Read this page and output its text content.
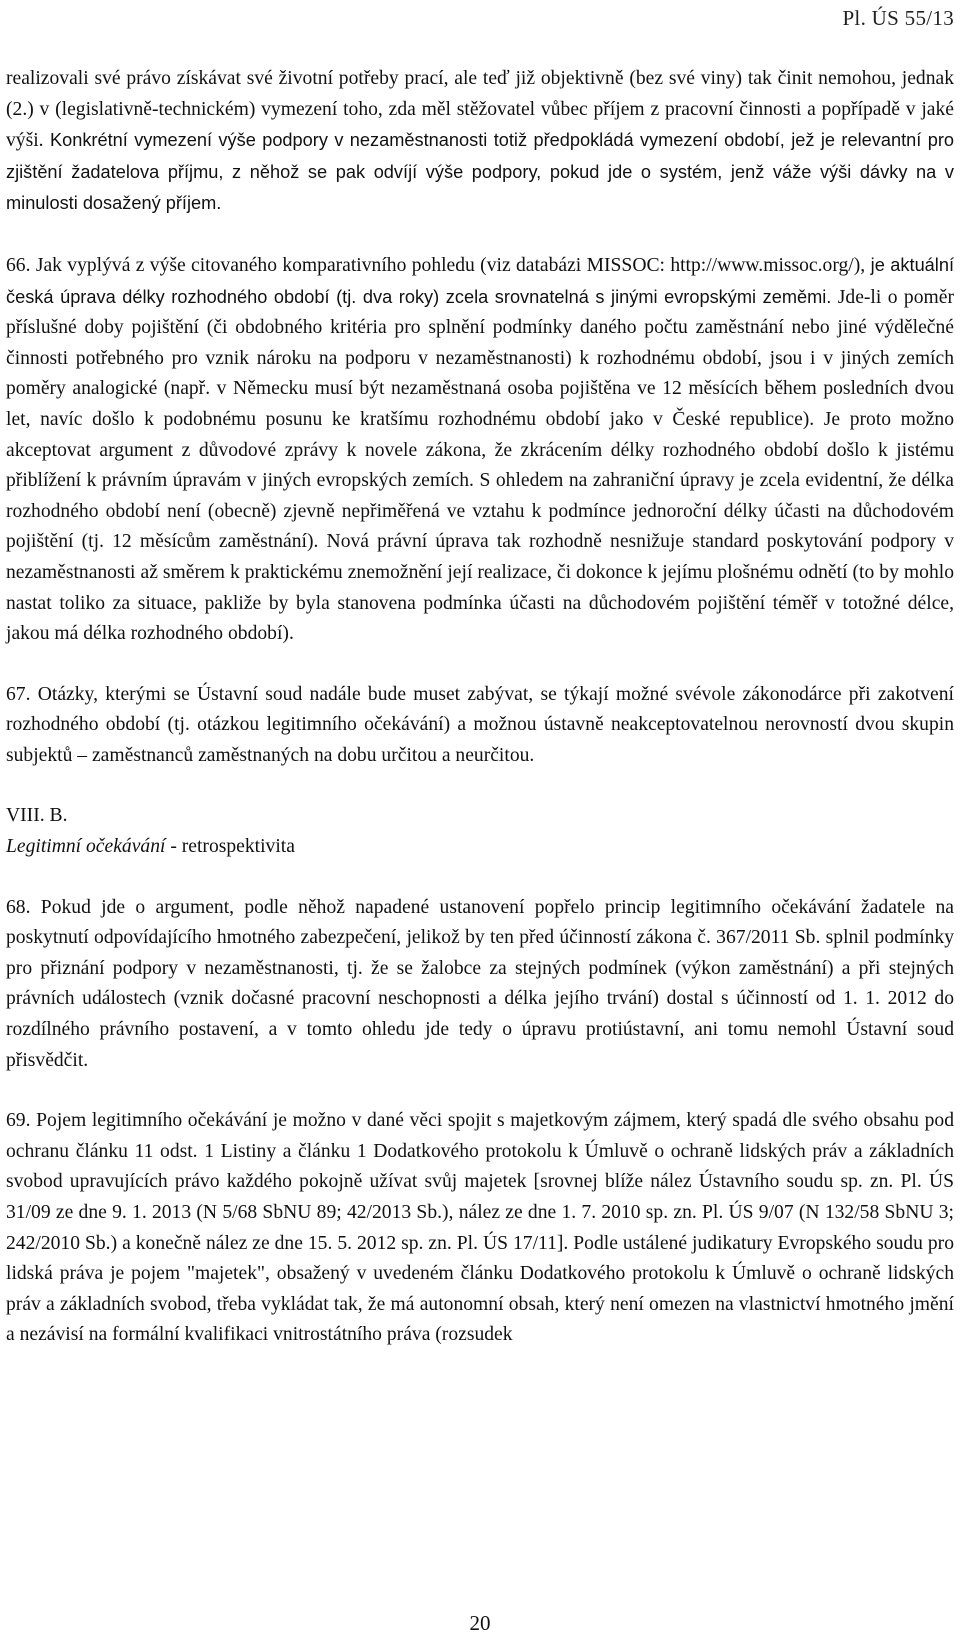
Pl. ÚS 55/13

realizovali své právo získávat své životní potřeby prací, ale teď již objektivně (bez své viny) tak činit nemohou, jednak (2.) v (legislativně-technickém) vymezení toho, zda měl stěžovatel vůbec příjem z pracovní činnosti a popřípadě v jaké výši. Konkrétní vymezení výše podpory v nezaměstnanosti totiž předpokládá vymezení období, jež je relevantní pro zjištění žadatelova příjmu, z něhož se pak odvíjí výše podpory, pokud jde o systém, jenž váže výši dávky na v minulosti dosažený příjem.

66. Jak vyplývá z výše citovaného komparativního pohledu (viz databázi MISSOC: http://www.missoc.org/), je aktuální česká úprava délky rozhodného období (tj. dva roky) zcela srovnatelná s jinými evropskými zeměmi. Jde-li o poměr příslušné doby pojištění (či obdobného kritéria pro splnění podmínky daného počtu zaměstnání nebo jiné výdělečné činnosti potřebného pro vznik nároku na podporu v nezaměstnanosti) k rozhodnému období, jsou i v jiných zemích poměry analogické (např. v Německu musí být nezaměstnaná osoba pojištěna ve 12 měsících během posledních dvou let, navíc došlo k podobnému posunu ke kratšímu rozhodnému období jako v České republice). Je proto možno akceptovat argument z důvodové zprávy k novele zákona, že zkrácením délky rozhodného období došlo k jistému přiblížení k právním úpravám v jiných evropských zemích. S ohledem na zahraniční úpravy je zcela evidentní, že délka rozhodného období není (obecně) zjevně nepřiměřená ve vztahu k podmínce jednoroční délky účasti na důchodovém pojištění (tj. 12 měsícům zaměstnání). Nová právní úprava tak rozhodně nesnižuje standard poskytování podpory v nezaměstnanosti až směrem k praktickému znemožnění její realizace, či dokonce k jejímu plošnému odnětí (to by mohlo nastat toliko za situace, pakliže by byla stanovena podmínka účasti na důchodovém pojištění téměř v totožné délce, jakou má délka rozhodného období).

67. Otázky, kterými se Ústavní soud nadále bude muset zabývat, se týkají možné svévole zákonodárce při zakotvení rozhodného období (tj. otázkou legitimního očekávání) a možnou ústavně neakceptovatelnou nerovností dvou skupin subjektů – zaměstnanců zaměstnaných na dobu určitou a neurčitou.

VIII. B.

Legitimní očekávání - retrospektivita

68. Pokud jde o argument, podle něhož napadené ustanovení popřelo princip legitimního očekávání žadatele na poskytnutí odpovídajícího hmotného zabezpečení, jelikož by ten před účinností zákona č. 367/2011 Sb. splnil podmínky pro přiznání podpory v nezaměstnanosti, tj. že se žalobce za stejných podmínek (výkon zaměstnání) a při stejných právních událostech (vznik dočasné pracovní neschopnosti a délka jejího trvání) dostal s účinností od 1. 1. 2012 do rozdílného právního postavení, a v tomto ohledu jde tedy o úpravu protiústavní, ani tomu nemohl Ústavní soud přisvědčit.

69. Pojem legitimního očekávání je možno v dané věci spojit s majetkovým zájmem, který spadá dle svého obsahu pod ochranu článku 11 odst. 1 Listiny a článku 1 Dodatkového protokolu k Úmluvě o ochraně lidských práv a základních svobod upravujících právo každého pokojně užívat svůj majetek [srovnej blíže nález Ústavního soudu sp. zn. Pl. ÚS 31/09 ze dne 9. 1. 2013 (N 5/68 SbNU 89; 42/2013 Sb.), nález ze dne 1. 7. 2010 sp. zn. Pl. ÚS 9/07 (N 132/58 SbNU 3; 242/2010 Sb.) a konečně nález ze dne 15. 5. 2012 sp. zn. Pl. ÚS 17/11]. Podle ustálené judikatury Evropského soudu pro lidská práva je pojem "majetek", obsažený v uvedeném článku Dodatkového protokolu k Úmluvě o ochraně lidských práv a základních svobod, třeba vykládat tak, že má autonomní obsah, který není omezen na vlastnictví hmotného jmění a nezávisí na formální kvalifikaci vnitrostátního práva (rozsudek

20
